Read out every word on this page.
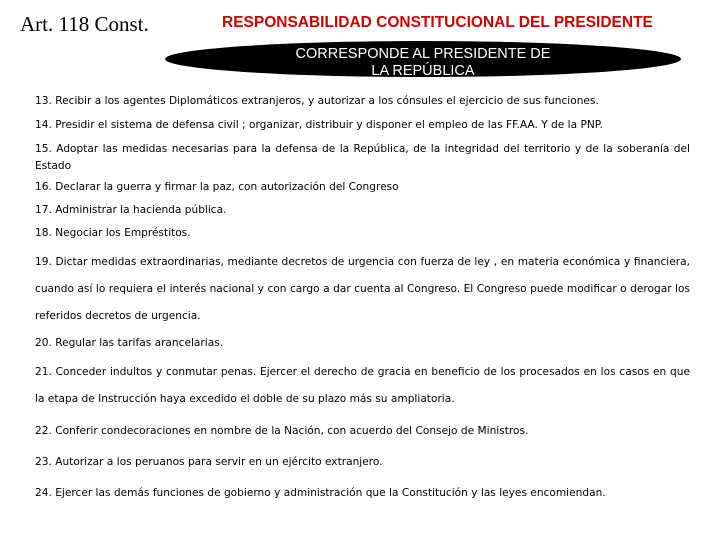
Art. 118 Const.	RESPONSABILIDAD CONSTITUCIONAL DEL PRESIDENTE
CORRESPONDE AL PRESIDENTE DE LA REPÚBLICA
13. Recibir a los agentes Diplomáticos extranjeros, y autorizar a los cónsules el ejercicio de sus funciones.
14. Presidir el sistema de defensa civil ; organizar, distribuir y disponer el empleo de las FF.AA. Y de la PNP.
15. Adoptar las medidas necesarias para la defensa de la República, de la integridad del territorio y de la soberanía del Estado
16. Declarar la guerra y firmar la paz, con autorización del Congreso
17. Administrar la hacienda pública.
18. Negociar los Empréstitos.
19. Dictar medidas extraordinarias, mediante decretos de urgencia con fuerza de ley , en materia económica y financiera, cuando así lo requiera el interés nacional y con cargo a dar cuenta al Congreso. El Congreso puede modificar o derogar los referidos decretos de urgencia.
20. Regular las tarifas arancelarias.
21. Conceder indultos y conmutar penas. Ejercer el derecho de gracia en beneficio de los procesados en los casos en que la etapa de Instrucción haya excedido el doble de su plazo más su ampliatoria.
22. Conferir condecoraciones en nombre de la Nación, con acuerdo del Consejo de Ministros.
23. Autorizar a los peruanos para servir en un ejército extranjero.
24. Ejercer las demás funciones de gobierno y administración que la Constitución y las leyes encomiendan.
